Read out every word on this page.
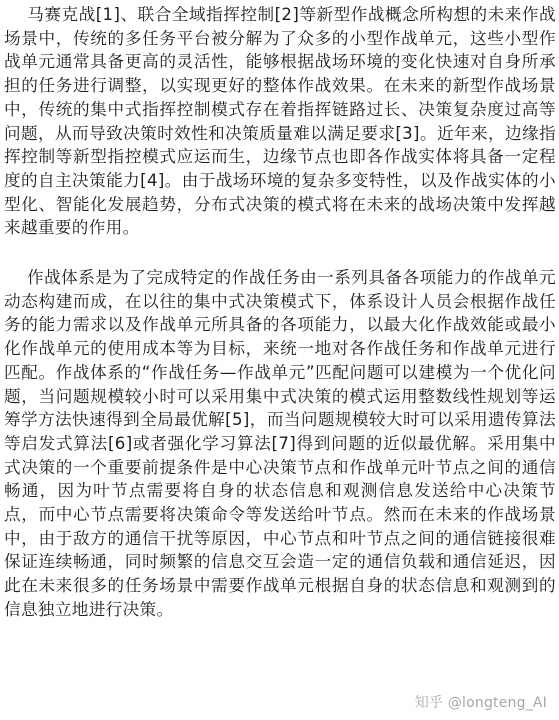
马赛克战[1]、联合全域指挥控制[2]等新型作战概念所构想的未来作战场景中，传统的多任务平台被分解为了众多的小型作战单元，这些小型作战单元通常具备更高的灵活性，能够根据战场环境的变化快速对自身所承担的任务进行调整，以实现更好的整体作战效果。在未来的新型作战场景中，传统的集中式指挥控制模式存在着指挥链路过长、决策复杂度过高等问题，从而导致决策时效性和决策质量难以满足要求[3]。近年来，边缘指挥控制等新型指控模式应运而生，边缘节点也即各作战实体将具备一定程度的自主决策能力[4]。由于战场环境的复杂多变特性，以及作战实体的小型化、智能化发展趋势，分布式决策的模式将在未来的战场决策中发挥越来越重要的作用。

作战体系是为了完成特定的作战任务由一系列具备各项能力的作战单元动态构建而成，在以往的集中式决策模式下，体系设计人员会根据作战任务的能力需求以及作战单元所具备的各项能力，以最大化作战效能或最小化作战单元的使用成本等为目标，来统一地对各作战任务和作战单元进行匹配。作战体系的“作战任务—作战单元”匹配问题可以建模为一个优化问题，当问题规模较小时可以采用集中式决策的模式运用整数线性规划等运筹学方法快速得到全局最优解[5]，而当问题规模较大时可以采用遗传算法等启发式算法[6]或者强化学习算法[7]得到问题的近似最优解。采用集中式决策的一个重要前提条件是中心决策节点和作战单元叶节点之间的通信畅通，因为叶节点需要将自身的状态信息和观测信息发送给中心决策节点，而中心节点需要将决策命令等发送给叶节点。然而在未来的作战场景中，由于敌方的通信干扰等原因，中心节点和叶节点之间的通信链接很难保证连续畅通，同时频繁的信息交互会造一定的通信负载和通信延迟，因此在未来很多的任务场景中需要作战单元根据自身的状态信息和观测到的信息独立地进行决策。

知乎 @longteng_AI
